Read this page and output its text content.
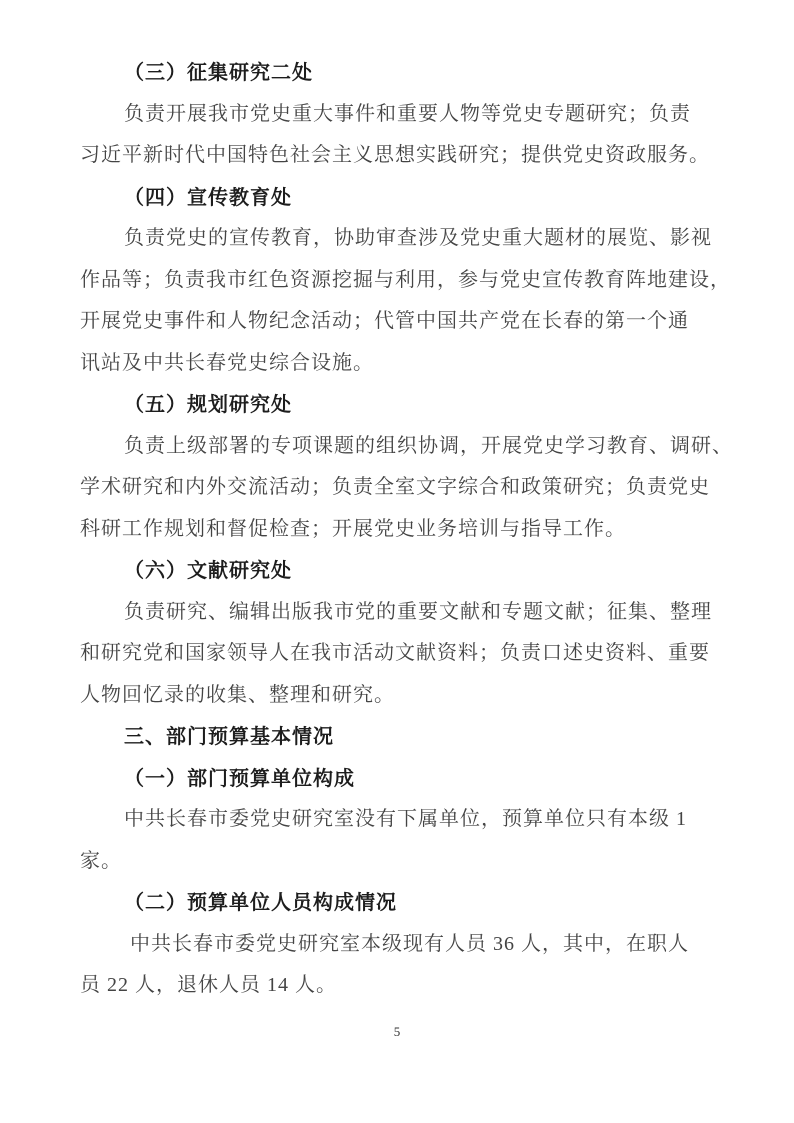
（三）征集研究二处
负责开展我市党史重大事件和重要人物等党史专题研究；负责
习近平新时代中国特色社会主义思想实践研究；提供党史资政服务。
（四）宣传教育处
负责党史的宣传教育，协助审查涉及党史重大题材的展览、影视
作品等；负责我市红色资源挖掘与利用，参与党史宣传教育阵地建设，
开展党史事件和人物纪念活动；代管中国共产党在长春的第一个通
讯站及中共长春党史综合设施。
（五）规划研究处
负责上级部署的专项课题的组织协调，开展党史学习教育、调研、
学术研究和内外交流活动；负责全室文字综合和政策研究；负责党史
科研工作规划和督促检查；开展党史业务培训与指导工作。
（六）文献研究处
负责研究、编辑出版我市党的重要文献和专题文献；征集、整理
和研究党和国家领导人在我市活动文献资料；负责口述史资料、重要
人物回忆录的收集、整理和研究。
三、部门预算基本情况
（一）部门预算单位构成
中共长春市委党史研究室没有下属单位，预算单位只有本级 1
家。
（二）预算单位人员构成情况
中共长春市委党史研究室本级现有人员 36 人，其中，在职人
员 22 人，退休人员 14 人。
5
